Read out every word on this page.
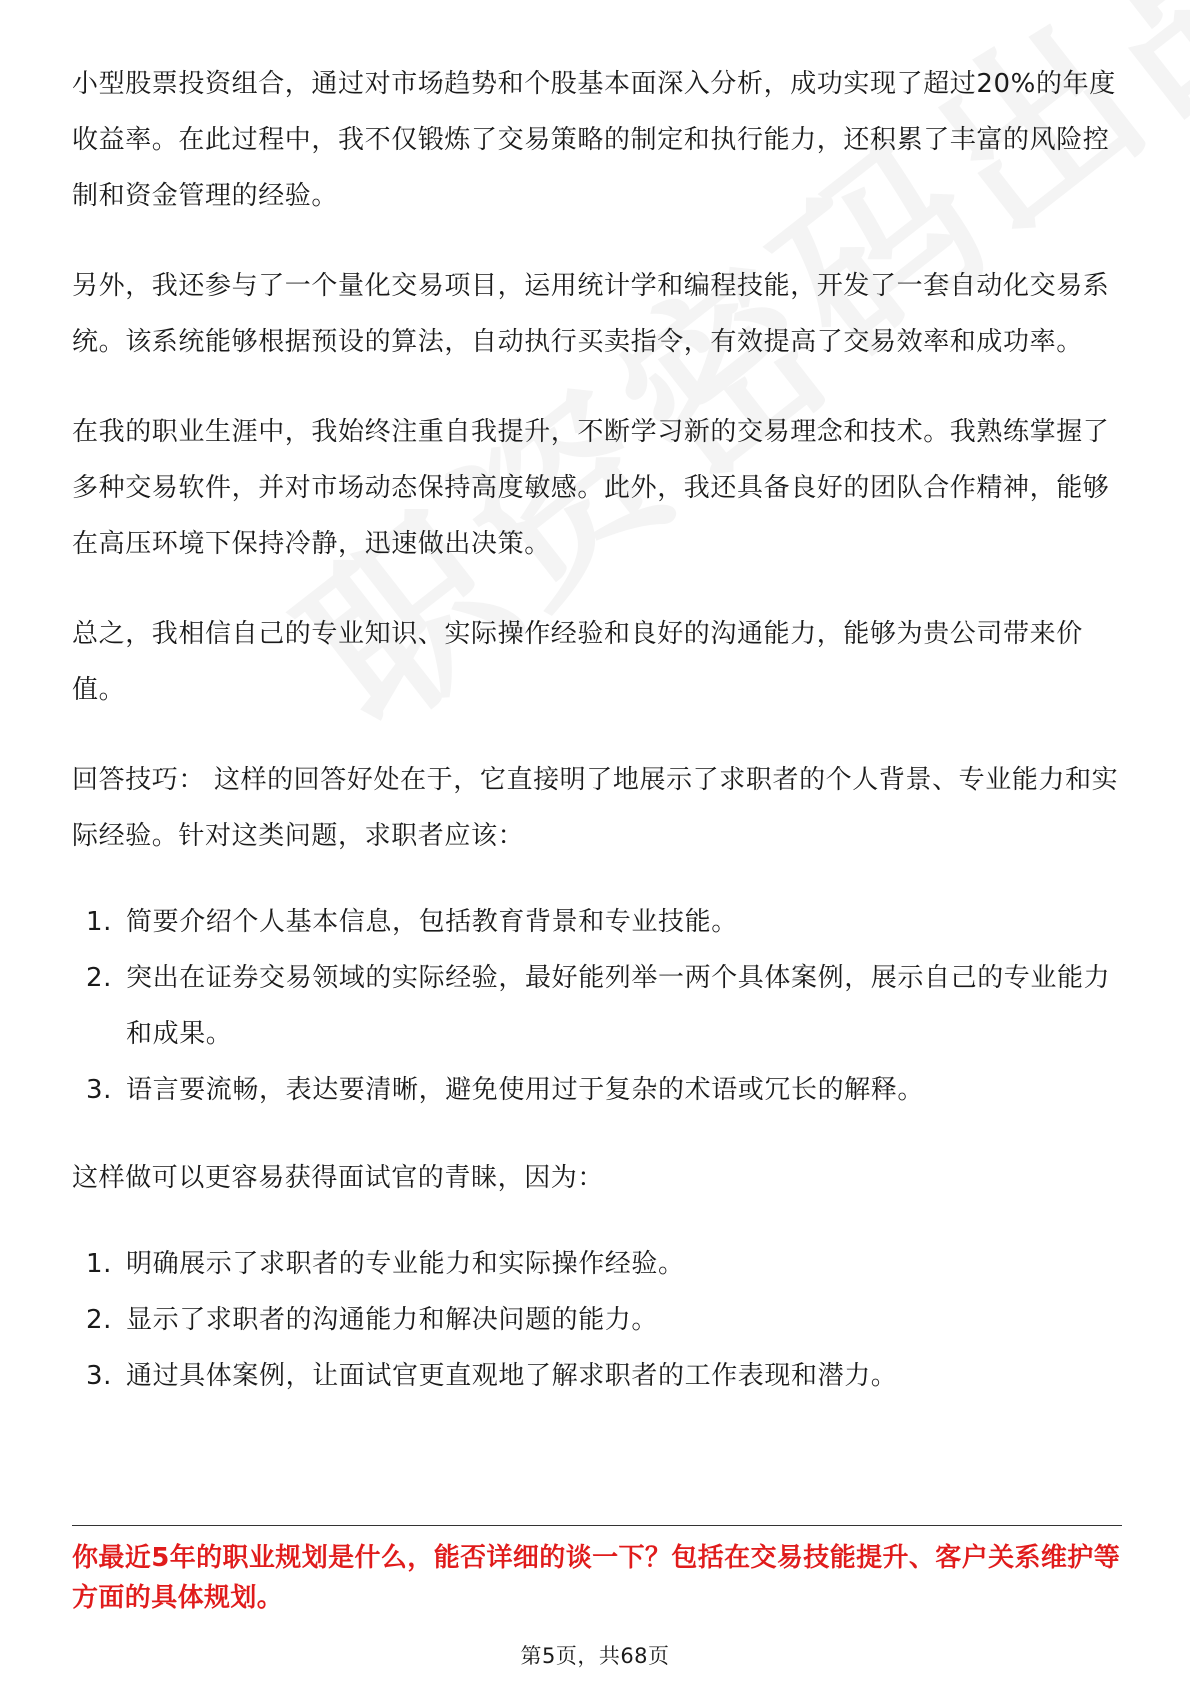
小型股票投资组合，通过对市场趋势和个股基本面深入分析，成功实现了超过20%的年度收益率。在此过程中，我不仅锻炼了交易策略的制定和执行能力，还积累了丰富的风险控制和资金管理的经验。

另外，我还参与了一个量化交易项目，运用统计学和编程技能，开发了一套自动化交易系统。该系统能够根据预设的算法，自动执行买卖指令，有效提高了交易效率和成功率。

在我的职业生涯中，我始终注重自我提升，不断学习新的交易理念和技术。我熟练掌握了多种交易软件，并对市场动态保持高度敏感。此外，我还具备良好的团队合作精神，能够在高压环境下保持冷静，迅速做出决策。

总之，我相信自己的专业知识、实际操作经验和良好的沟通能力，能够为贵公司带来价值。

回答技巧： 这样的回答好处在于，它直接明了地展示了求职者的个人背景、专业能力和实际经验。针对这类问题，求职者应该：

1. 简要介绍个人基本信息，包括教育背景和专业技能。
2. 突出在证券交易领域的实际经验，最好能列举一两个具体案例，展示自己的专业能力和成果。
3. 语言要流畅，表达要清晰，避免使用过于复杂的术语或冗长的解释。

这样做可以更容易获得面试官的青睐，因为：

1. 明确展示了求职者的专业能力和实际操作经验。
2. 显示了求职者的沟通能力和解决问题的能力。
3. 通过具体案例，让面试官更直观地了解求职者的工作表现和潜力。

你最近5年的职业规划是什么，能否详细的谈一下？包括在交易技能提升、客户关系维护等方面的具体规划。

第5页，共68页
